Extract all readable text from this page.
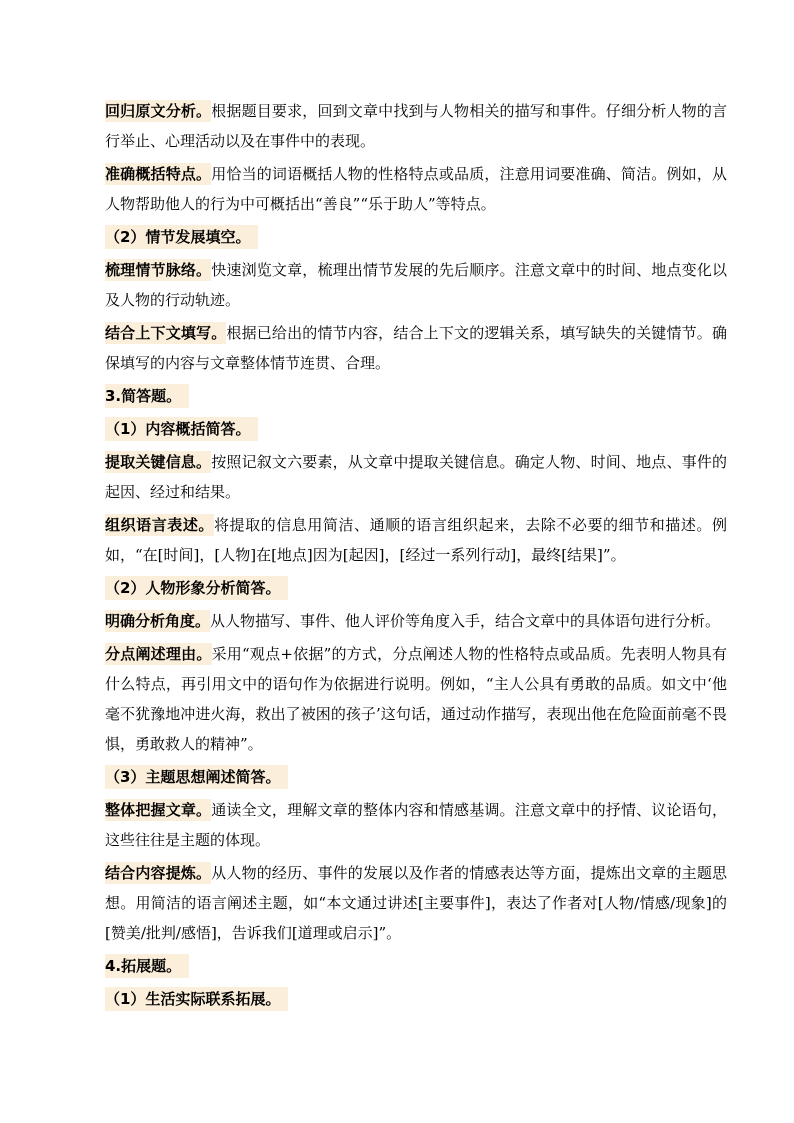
回归原文分析。根据题目要求，回到文章中找到与人物相关的描写和事件。仔细分析人物的言行举止、心理活动以及在事件中的表现。

准确概括特点。用恰当的词语概括人物的性格特点或品质，注意用词要准确、简洁。例如，从人物帮助他人的行为中可概括出“善良”“乐于助人”等特点。

（2）情节发展填空。

梳理情节脉络。快速浏览文章，梳理出情节发展的先后顺序。注意文章中的时间、地点变化以及人物的行动轨迹。

结合上下文填写。根据已给出的情节内容，结合上下文的逻辑关系，填写缺失的关键情节。确保填写的内容与文章整体情节连贯、合理。

3.简答题。

（1）内容概括简答。

提取关键信息。按照记叙文六要素，从文章中提取关键信息。确定人物、时间、地点、事件的起因、经过和结果。

组织语言表述。将提取的信息用简洁、通顺的语言组织起来，去除不必要的细节和描述。例如，“在[时间]，[人物]在[地点]因为[起因]，[经过一系列行动]，最终[结果]”。

（2）人物形象分析简答。

明确分析角度。从人物描写、事件、他人评价等角度入手，结合文章中的具体语句进行分析。

分点阐述理由。采用“观点+依据”的方式，分点阐述人物的性格特点或品质。先表明人物具有什么特点，再引用文中的语句作为依据进行说明。例如，“主人公具有勇敢的品质。如文中‘他毫不犹豫地冲进火海，救出了被困的孩子’这句话，通过动作描写，表现出他在危险面前毫不畏惧，勇敢救人的精神”。

（3）主题思想阐述简答。

整体把握文章。通读全文，理解文章的整体内容和情感基调。注意文章中的抒情、议论语句，这些往往是主题的体现。

结合内容提炼。从人物的经历、事件的发展以及作者的情感表达等方面，提炼出文章的主题思想。用简洁的语言阐述主题，如“本文通过讲述[主要事件]，表达了作者对[人物/情感/现象]的[赞美/批判/感悟]，告诉我们[道理或启示]”。

4.拓展题。

（1）生活实际联系拓展。
